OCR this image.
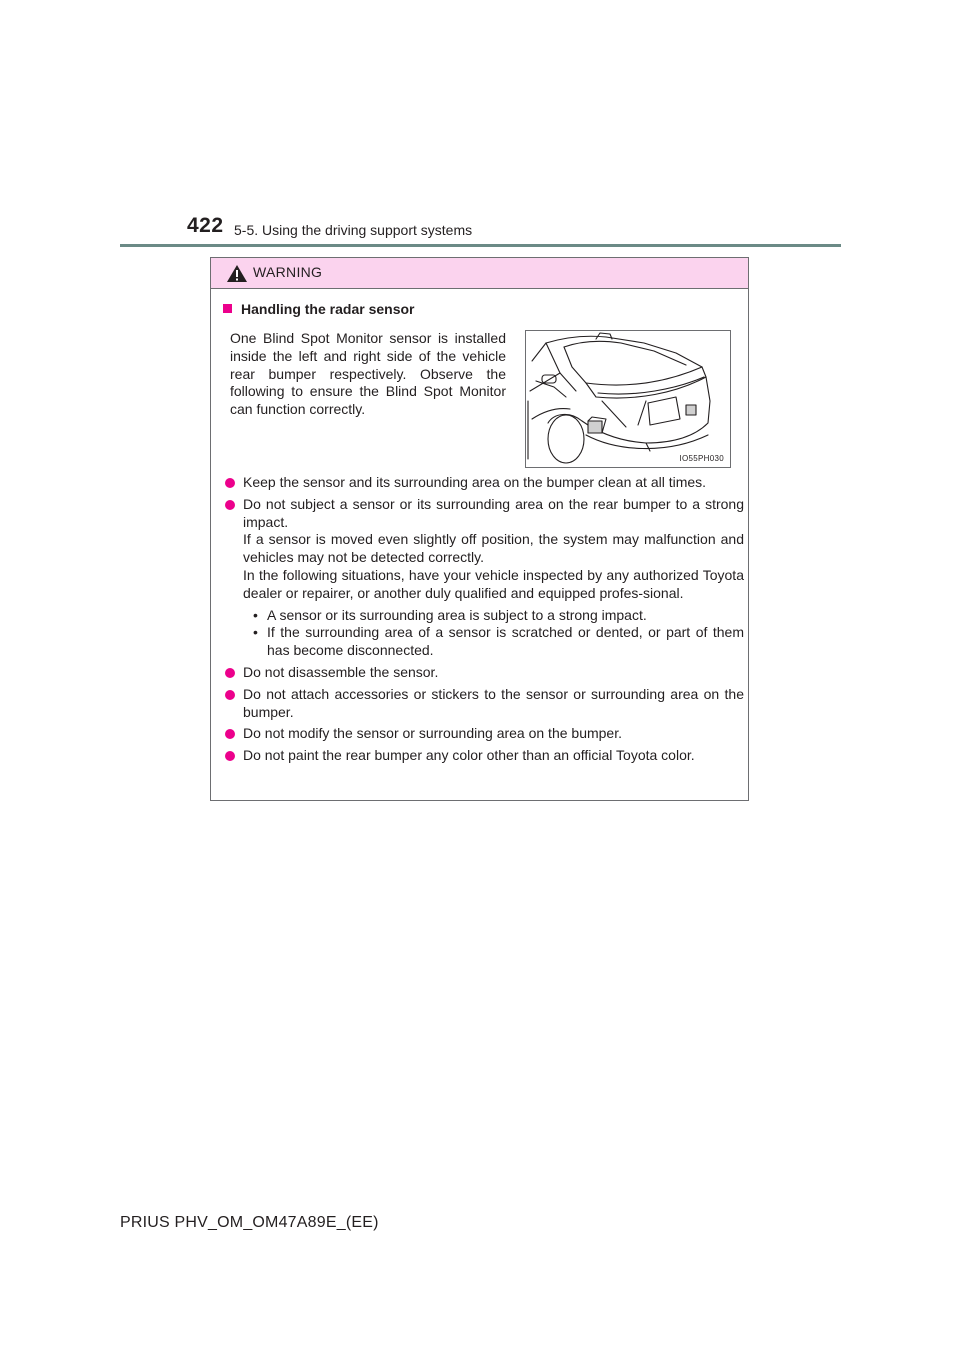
422 5-5. Using the driving support systems
WARNING
Handling the radar sensor
One Blind Spot Monitor sensor is installed inside the left and right side of the vehicle rear bumper respectively. Observe the following to ensure the Blind Spot Monitor can function correctly.
IO55PH030

Keep the sensor and its surrounding area on the bumper clean at all times.

Do not subject a sensor or its surrounding area on the rear bumper to a strong impact.

If a sensor is moved even slightly off position, the system may malfunction and vehicles may not be detected correctly.

In the following situations, have your vehicle inspected by any authorized Toyota dealer or repairer, or another duly qualified and equipped profes-sional.

• A sensor or its surrounding area is subject to a strong impact.
• If the surrounding area of a sensor is scratched or dented, or part of them has become disconnected.

Do not disassemble the sensor.

Do not attach accessories or stickers to the sensor or surrounding area on the bumper.

Do not modify the sensor or surrounding area on the bumper.

Do not paint the rear bumper any color other than an official Toyota color.

PRIUS PHV_OM_OM47A89E_(EE)
